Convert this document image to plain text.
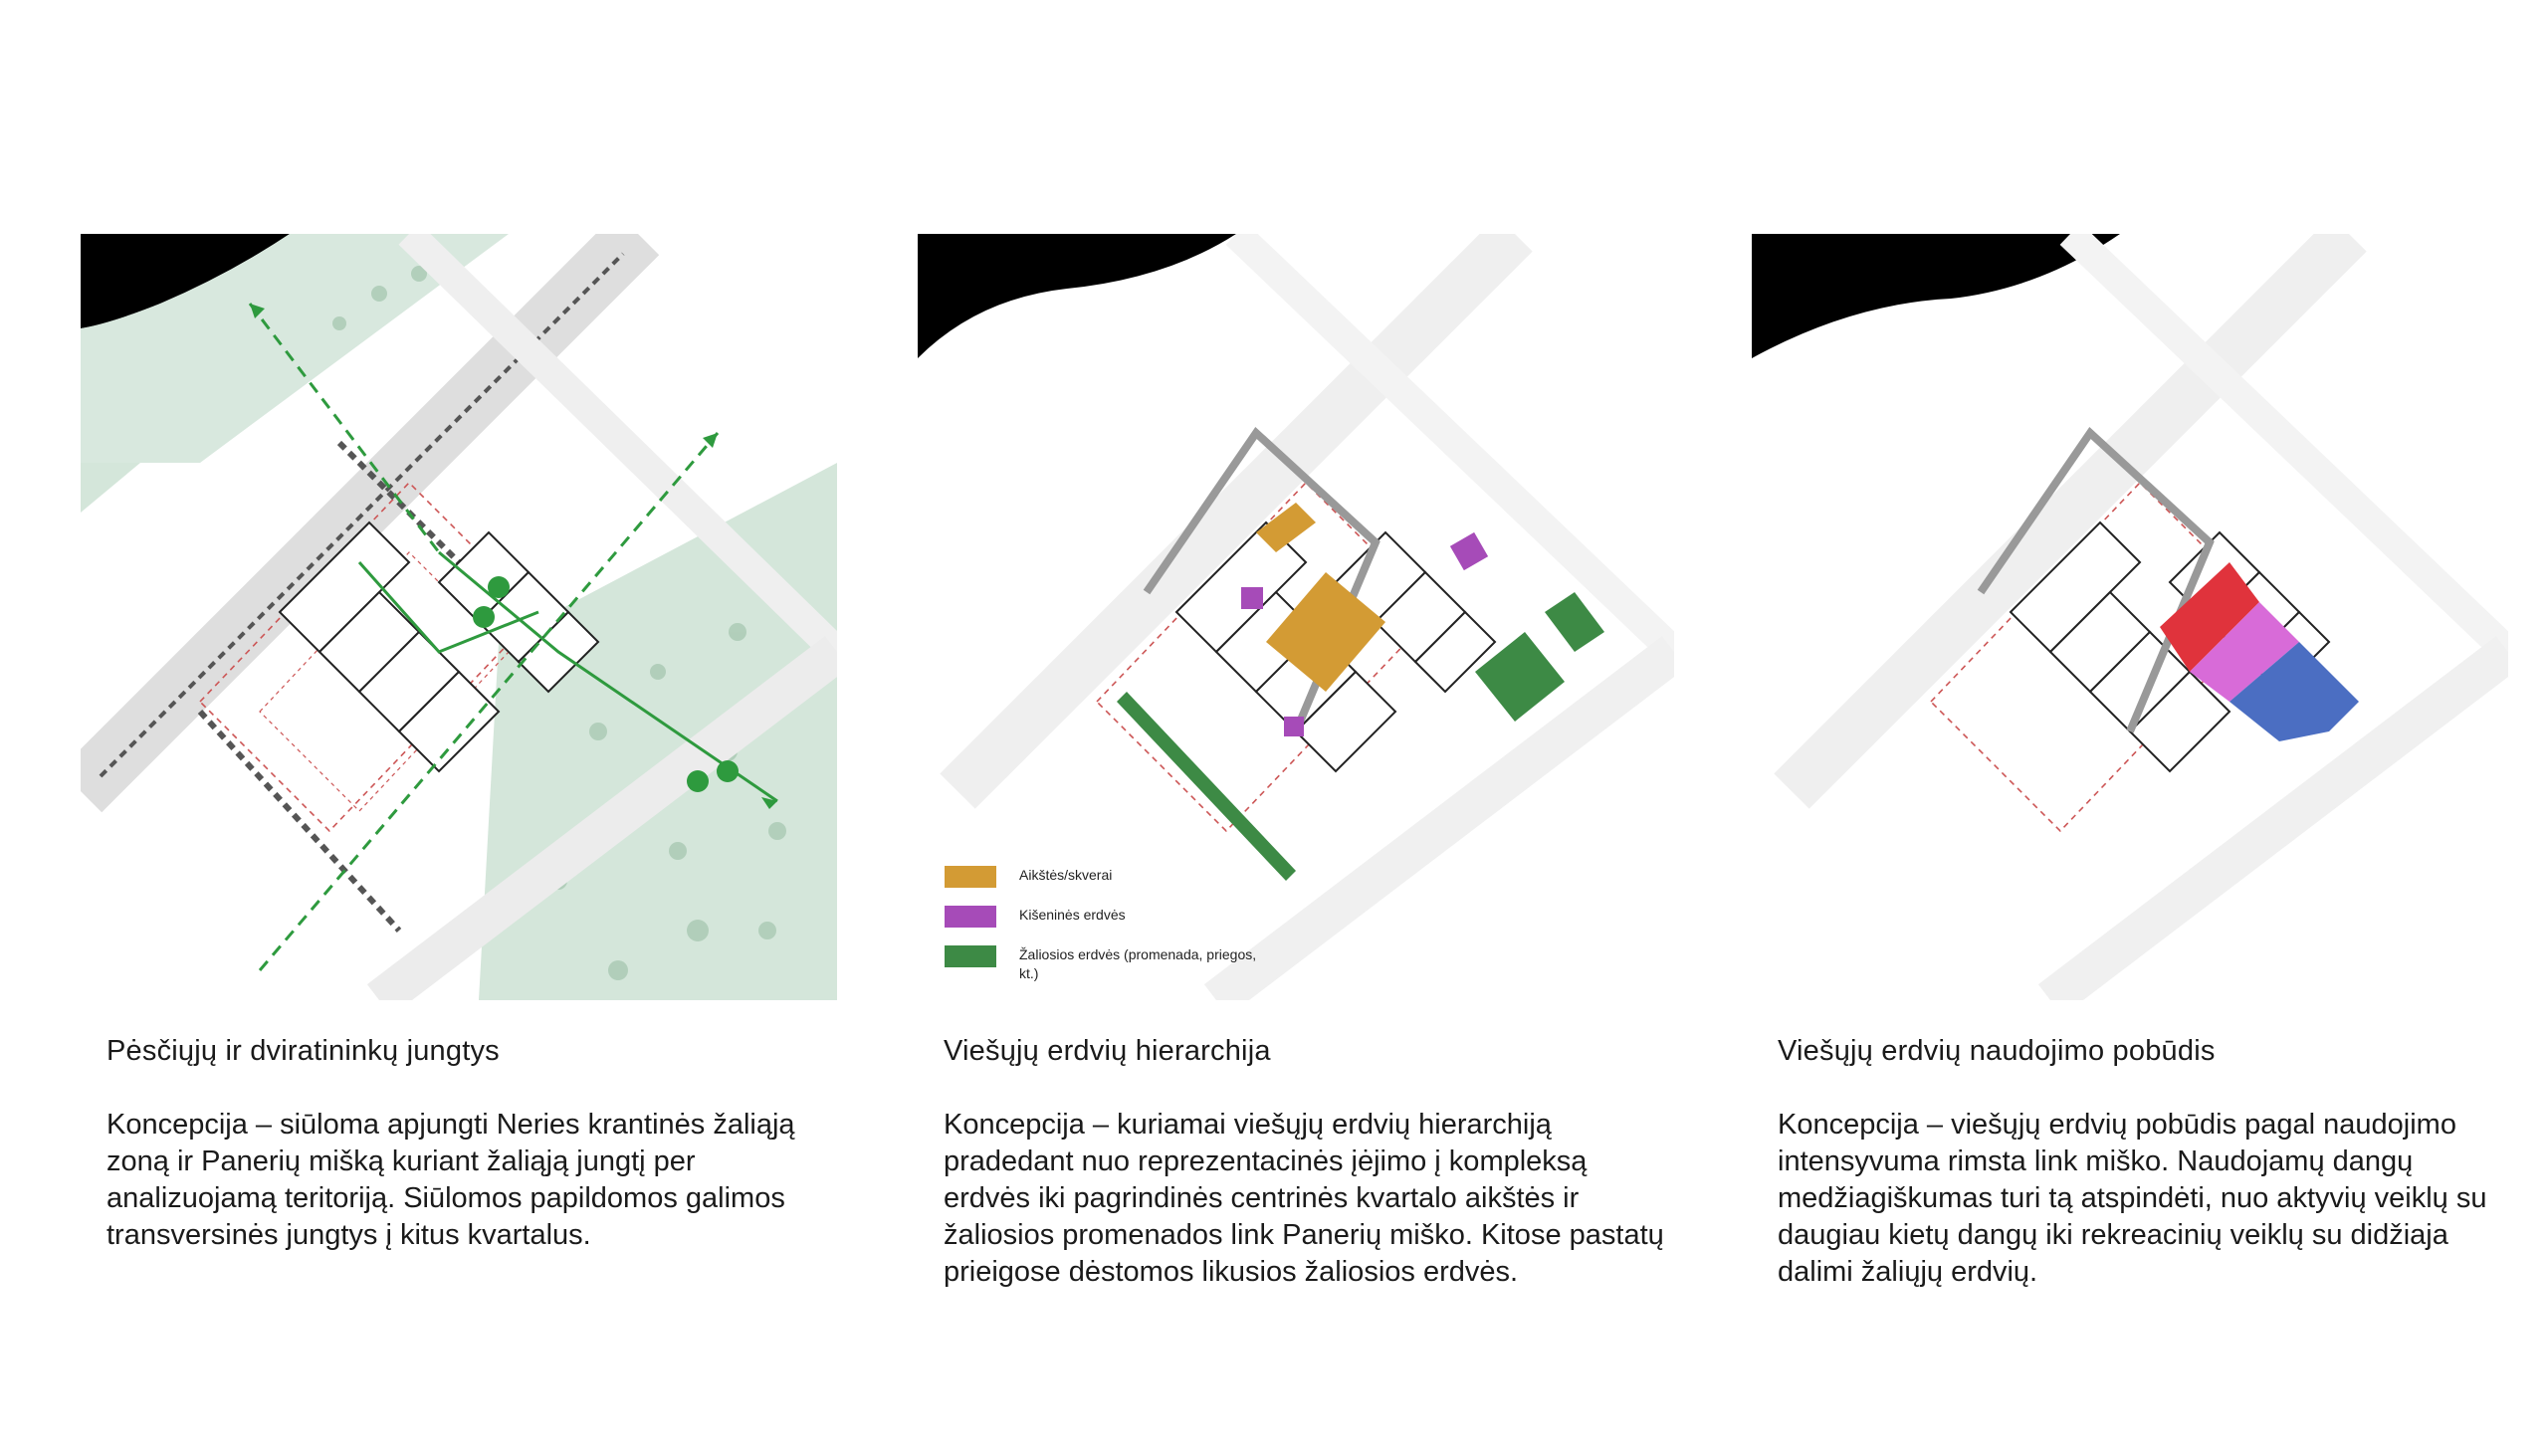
Pėsčiųjų ir dviratininkų jungtys
Koncepcija – siūloma apjungti Neries krantinės žaliąją zoną ir Panerių mišką kuriant žaliąją jungtį per analizuojamą teritoriją. Siūlomos papildomos galimos transversinės jungtys į kitus kvartalus.
Aikštės/skverai
Kišeninės erdvės
Žaliosios erdvės (promenada, priegos, kt.)
Viešųjų erdvių hierarchija
Koncepcija – kuriamai viešųjų erdvių hierarchiją pradedant nuo reprezentacinės įėjimo į kompleksą erdvės iki pagrindinės centrinės kvartalo aikštės ir žaliosios promenados link Panerių miško. Kitose pastatų prieigose dėstomos likusios žaliosios erdvės.
Viešųjų erdvių naudojimo pobūdis
Koncepcija – viešųjų erdvių pobūdis pagal naudojimo intensyvuma rimsta link miško. Naudojamų dangų medžiagiškumas turi tą atspindėti, nuo aktyvių veiklų su daugiau kietų dangų iki rekreacinių veiklų su didžiaja dalimi žaliųjų erdvių.
